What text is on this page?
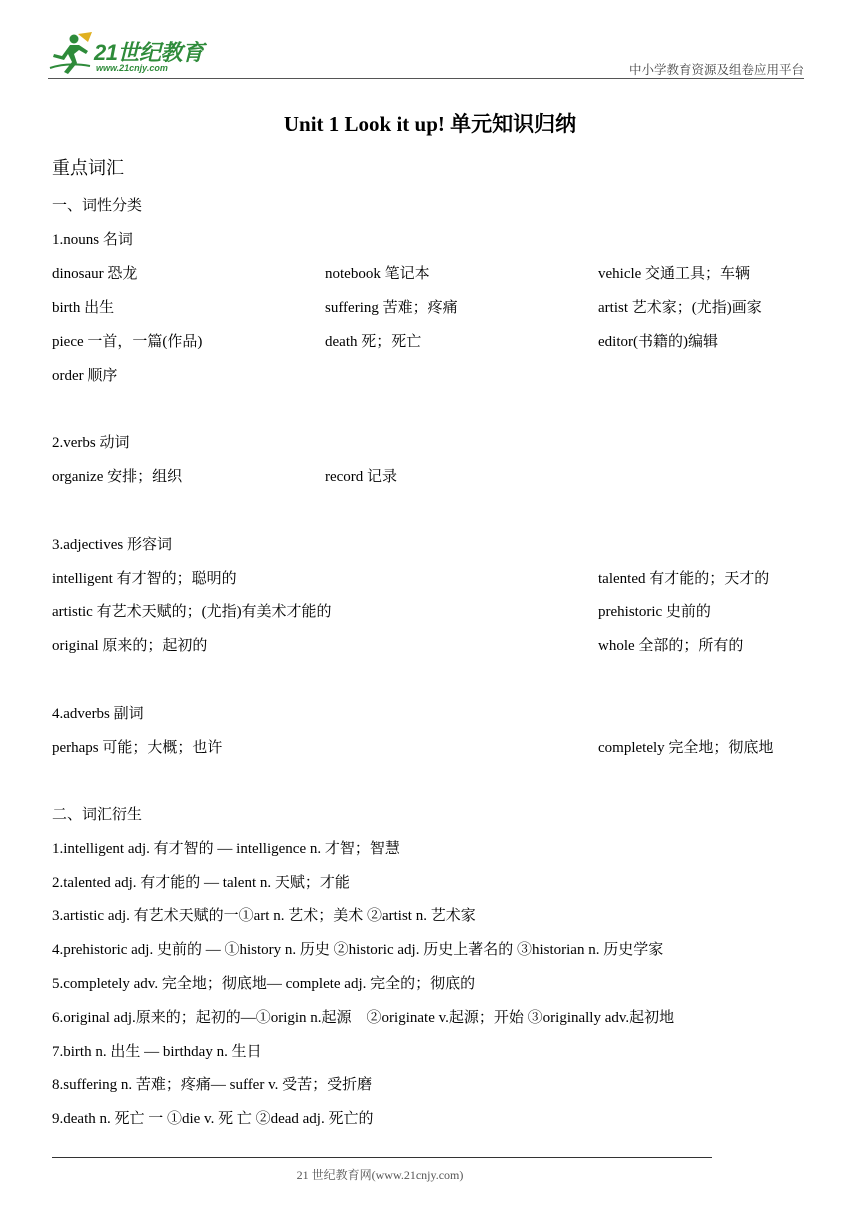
21世纪教育
www.21cnjy.com	中小学教育资源及组卷应用平台
Unit 1 Look it up! 单元知识归纳
重点词汇
一、词性分类
1.nouns 名词
dinosaur 恐龙	notebook 笔记本	vehicle 交通工具；车辆
birth 出生	suffering 苦难；疼痛	artist 艺术家；(尤指)画家
piece 一首，一篇(作品)	death 死；死亡	editor(书籍的)编辑
order 顺序
2.verbs 动词
organize 安排；组织	record 记录
3.adjectives 形容词
intelligent 有才智的；聪明的	talented 有才能的；天才的
artistic 有艺术天赋的；(尤指)有美术才能的	prehistoric 史前的
original 原来的；起初的	whole 全部的；所有的
4.adverbs 副词
perhaps 可能；大概；也许	completely 完全地；彻底地
二、词汇衍生
1.intelligent adj. 有才智的 — intelligence n. 才智；智慧
2.talented adj. 有才能的 — talent n. 天赋；才能
3.artistic adj. 有艺术天赋的一①art n. 艺术；美术 ②artist n. 艺术家
4.prehistoric adj. 史前的 — ①history n. 历史 ②historic adj. 历史上著名的 ③historian n. 历史学家
5.completely adv. 完全地；彻底地— complete adj. 完全的；彻底的
6.original adj.原来的；起初的—①origin n.起源　②originate v.起源；开始 ③originally adv.起初地
7.birth n. 出生 — birthday n. 生日
8.suffering n. 苦难；疼痛— suffer v. 受苦；受折磨
9.death n. 死亡 一 ①die v. 死 亡 ②dead adj. 死亡的
21 世纪教育网(www.21cnjy.com)
